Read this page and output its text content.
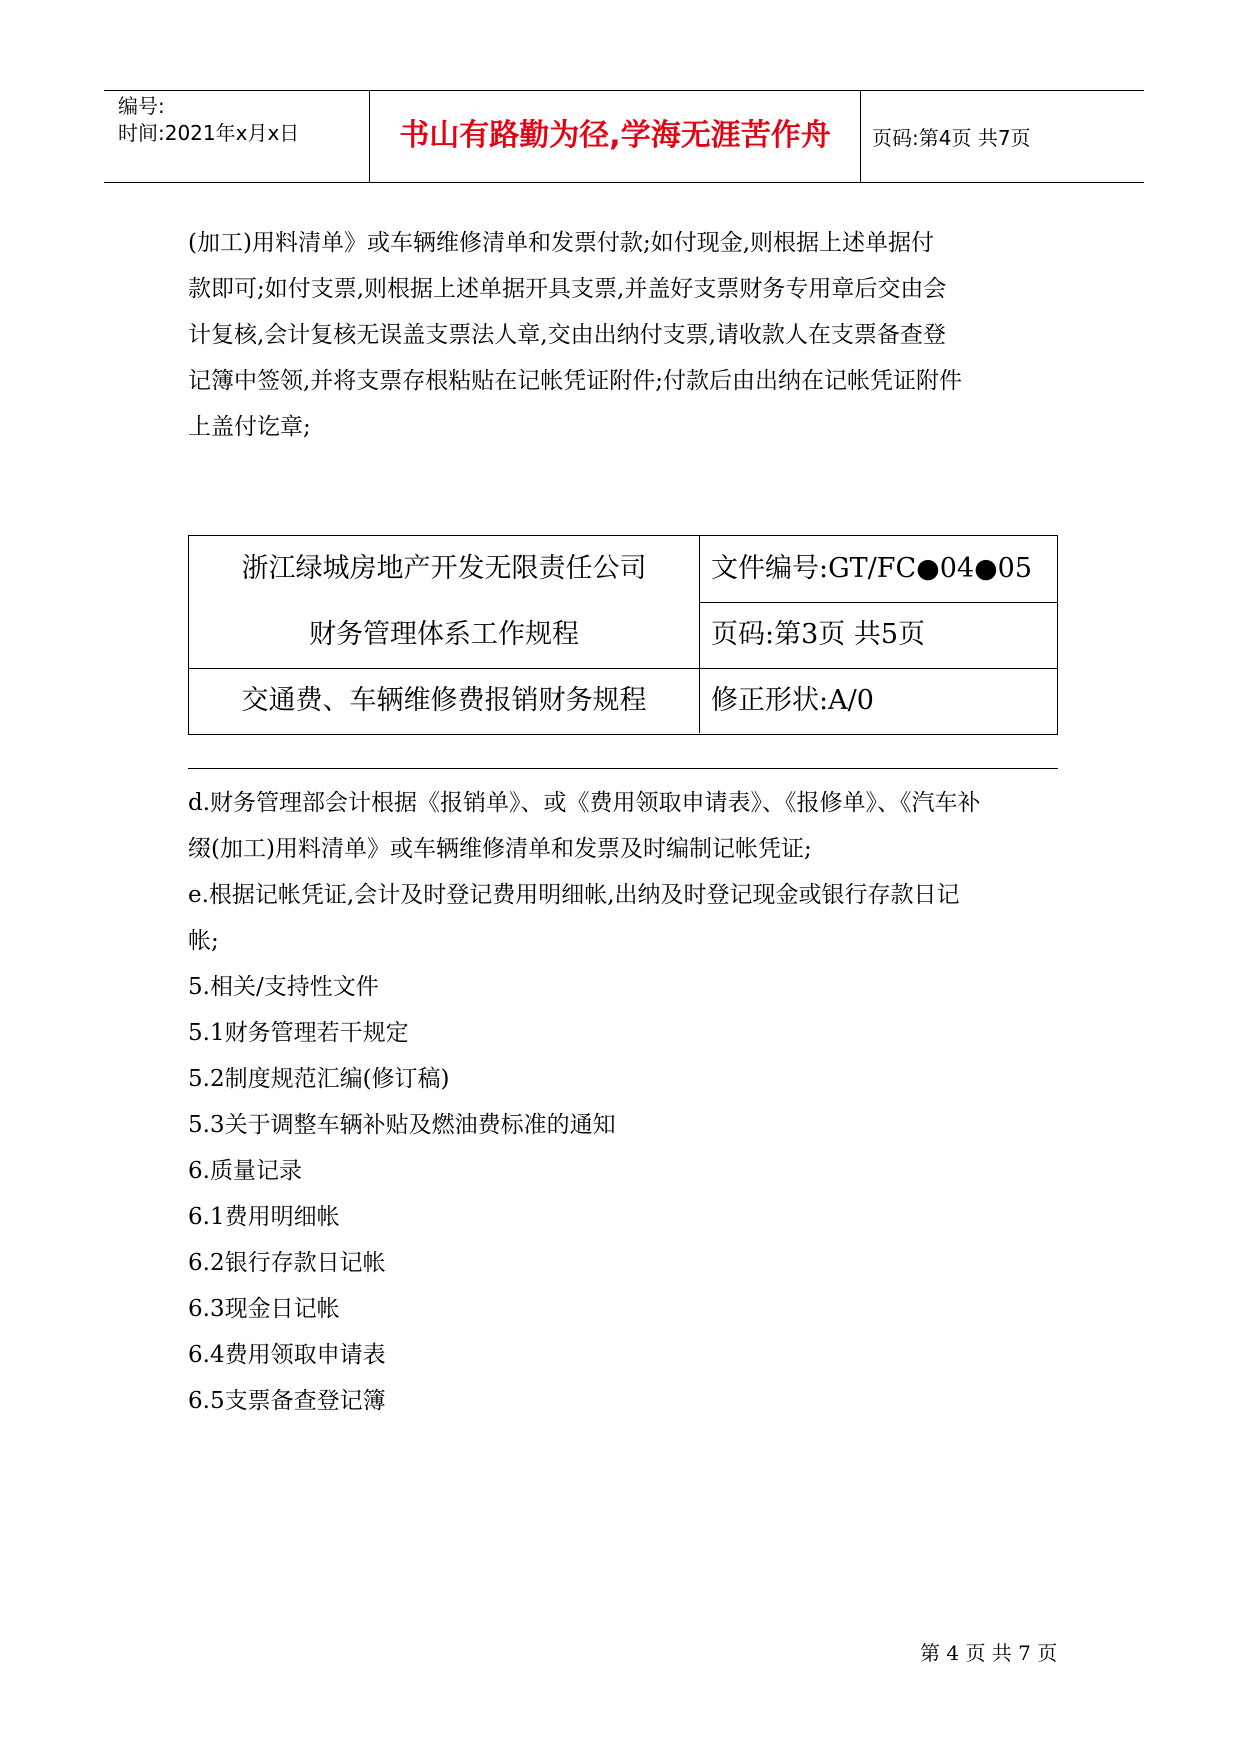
编号:
时间:2021年x月x日	书山有路勤为径,学海无涯苦作舟	页码:第4页 共7页
(加工)用料清单》或车辆维修清单和发票付款;如付现金,则根据上述单据付
款即可;如付支票,则根据上述单据开具支票,并盖好支票财务专用章后交由会
计复核,会计复核无误盖支票法人章,交由出纳付支票,请收款人在支票备查登
记簿中签领,并将支票存根粘贴在记帐凭证附件;付款后由出纳在记帐凭证附件
上盖付讫章;
浙江绿城房地产开发无限责任公司
财务管理体系工作规程
交通费、车辆维修费报销财务规程
文件编号:GT/FC●04●05
页码:第3页 共5页
修正形状:A/0
d.财务管理部会计根据《报销单》、或《费用领取申请表》、《报修单》、《汽车补
缀(加工)用料清单》或车辆维修清单和发票及时编制记帐凭证;
e.根据记帐凭证,会计及时登记费用明细帐,出纳及时登记现金或银行存款日记
帐;
5.相关/支持性文件
5.1财务管理若干规定
5.2制度规范汇编(修订稿)
5.3关于调整车辆补贴及燃油费标准的通知
6.质量记录
6.1费用明细帐
6.2银行存款日记帐
6.3现金日记帐
6.4费用领取申请表
6.5支票备查登记簿
第 4 页 共 7 页
